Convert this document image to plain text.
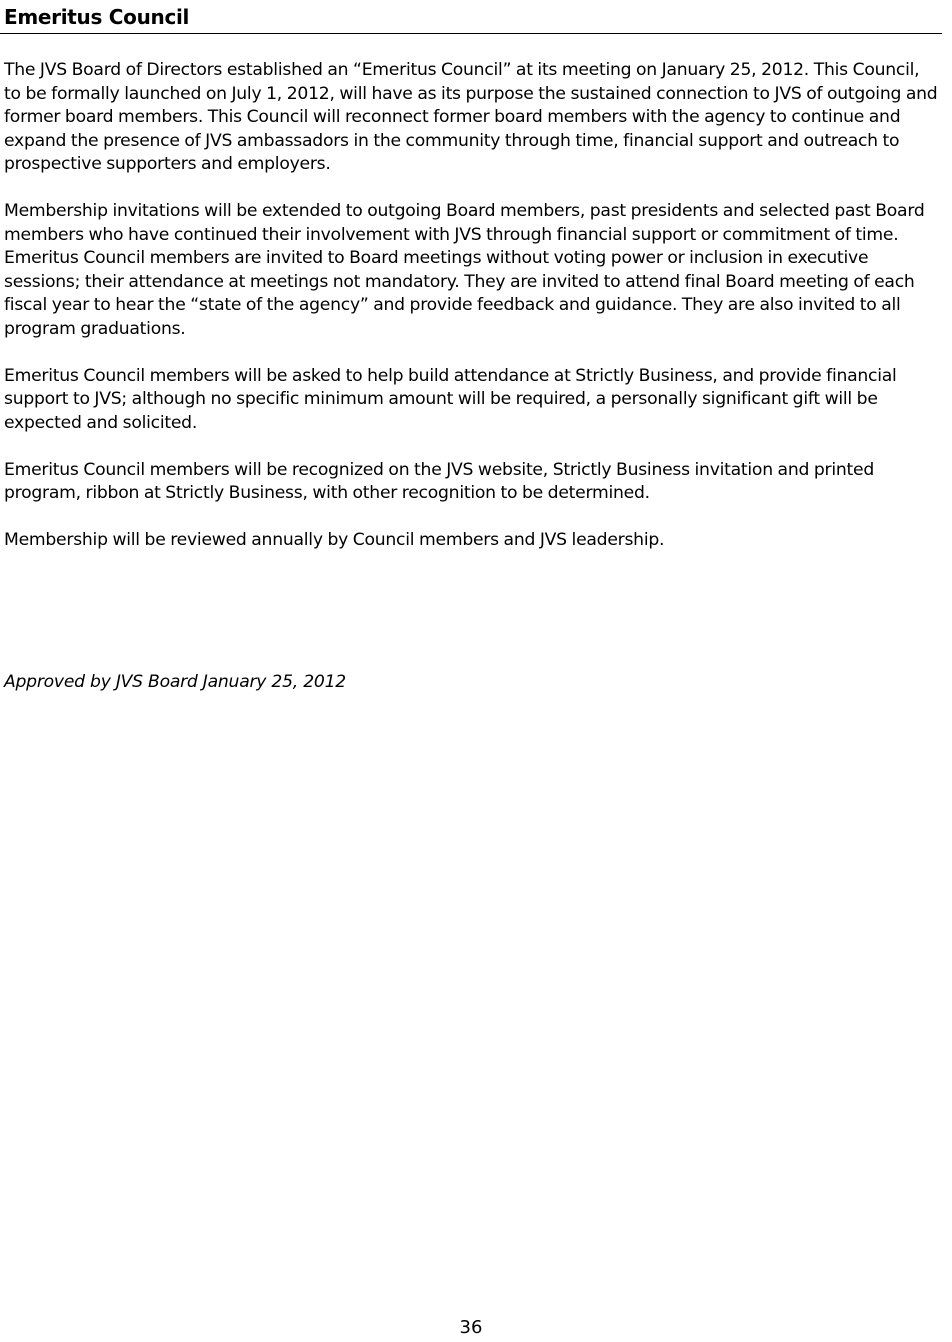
Emeritus Council

The JVS Board of Directors established an “Emeritus Council” at its meeting on January 25, 2012. This Council, to be formally launched on July 1, 2012, will have as its purpose the sustained connection to JVS of outgoing and former board members. This Council will reconnect former board members with the agency to continue and expand the presence of JVS ambassadors in the community through time, financial support and outreach to prospective supporters and employers.

Membership invitations will be extended to outgoing Board members, past presidents and selected past Board members who have continued their involvement with JVS through financial support or commitment of time. Emeritus Council members are invited to Board meetings without voting power or inclusion in executive sessions; their attendance at meetings not mandatory. They are invited to attend final Board meeting of each fiscal year to hear the “state of the agency” and provide feedback and guidance. They are also invited to all program graduations.

Emeritus Council members will be asked to help build attendance at Strictly Business, and provide financial support to JVS; although no specific minimum amount will be required, a personally significant gift will be expected and solicited.

Emeritus Council members will be recognized on the JVS website, Strictly Business invitation and printed program, ribbon at Strictly Business, with other recognition to be determined.

Membership will be reviewed annually by Council members and JVS leadership.

Approved by JVS Board January 25, 2012

36
